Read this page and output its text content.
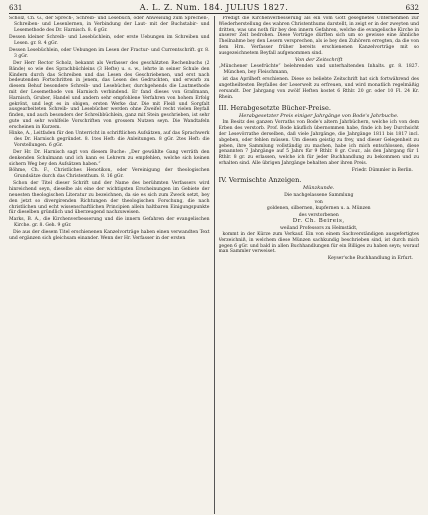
631	A. L. Z. Num. 184. JULIUS 1827.	632

Scholz, Ch. G., der Sprech-, Schreib- und Lesebuch, oder Anweisung zum Sprechen-, Schreiben- und Lesenlernen, in Verbindung der Laut- mit der Buchstabir- und Lesemethode des Dr. Harnisch. 8. 6 gGr.

Dessen kleiner Schreib- und Lesebüchlein, oder erste Uebungen im Schreiben und Lesen. gr. 8. 4 gGr.

Dessen Lesebüchlein, oder Uebungen im Lesen der Fractur- und Currentschrift. gr. 8. 3 gGr.

Der Herr Rector Scholz, bekannt als Verfasser des geschätzten Rechenbuchs (2 Bände) so wie des Sprachbüchleins (3 Hefte) u. s. w., lehrte in seiner Schule den Kindern durch das Schreiben und das Lesen des Geschriebenen, und erst nach bedeutenden Fortschritten in jenem, das Lesen des Gedruckten, und erwarb zu diesem Behuf besondere Schreib- und Lesebücher, durchgehends die Lautmethode mit der Lesemethode von Harnisch verbindend. Er fand dieses von Graßmann, Harnisch, Gruber, Handel und andern sehr empfohlene Verfahren von hohem Erfolg gekrönt, und legt es in obigen, ersten Werke dar. Die mit Fleiß und Sorgfalt ausgearbeiteten Schreib- und Lesebücher werden ohne Zweifel recht vielen Beyfall finden, und auch besonders der Schreibbüchlein, ganz mit Stein geschrieben, ist sehr gute und sehr wohlfeile Vorschriften von grossem Nutzen seyn. Die Wandtafeln erscheinen in Kurzem.

Hinke, A., Leitfaden für den Unterricht in schriftlichen Aufsätzen, auf das Sprachwerk des Dr. Harnisch gegründet. 8. 1tes Heft: die Anleitungen. 8 gGr. 2tes Heft: die Vorstellungen. 6 gGr.

Der Hr. Dr. Harnisch sagt von diesem Buche: „Der gewählte Gang verräth den denkenden Schulmann und ich kann es Lehrern zu empfehlen, welche sich keinen sichern Weg bey den Aufsätzen haben.“

Böhme, Ch. F., Christliches Henotikon, oder Vereinigung der theologischen Grundsätze durch das Christenthum. 8. 16 gGr.

Schon der Titel dieser Schrift und der Name des berühmten Verfassers wird hinreichend seyn, dieselbe als eine der wichtigsten Erscheinungen im Gebiete der neuesten theologischen Literatur zu bezeichnen, da sie es sich zum Zweck setzt, bey den jetzt so divergirenden Richtungen der theologischen Forschung, die nach christlichen und echt wissenschaftlichen Principien allein haltbaren Einigungspunkte für dieselben gründlich und überzeugend nachzuweisen.

Marks, B. A., die Kirchenverbesserung und die innern Gefahren der evangelischen Kirche. gr. 8. Geh. 9 gGr.

Die aus der diesem Titel erschienenen Kanzelvorträge haben einen verwandten Text und ergänzen sich gleichsam einander. Wenn der Hr. Verfasser in der ersten

Predigt die Kirchenverbesserung als ein vom Gott gesegnetes Unternehmen zur Wiederherstellung des wahren Christenthums darstellt, in zeigt er in der zweyten und dritten, was uns noth für bey den innern Gefahren, welche die evangelische Kirche in unserer Zeit bedrohen. Diese Vorträge dürften sich um so gewisse eine ähnliche Theilnahme bey den Lesern versprechen, als ie bey den Zuhörern erregten, da die von dem Hrn. Verfasser früher bereits erschienenen Kanzelvorträge mit so ausgezeichnetem Beyfall aufgenommen sind.

Von der Zeitschrift

„Münchener Lesefrüchte“ belehrenden und unterhaltenden Inhalts. gr. 8. 1827. München, bey Fleischmann,

ist das Aprilheft erschienen. Diese so beliebte Zeitschrift hat sich fortwährend des ungetheiltesten Beyfalles der Leserwelt zu erfreuen, und wird monatlich regelmäßig versandt. Der Jahrgang von zwölf Heften kostet 6 Rthlr. 20 gr. oder 10 Fl. 24 Kr. Rhein.

III. Herabgesetzte Bücher-Preise.

Herabgesetzter Preis einiger Jahrgänge von Bode's Jahrbuche.

Im Besitz des ganzen Vorraths von Bode's altern Jahrbüchern, welche ich von dem Erben des verstorb. Prof. Bode käuflich übernommen habe, finde ich bey Durchsicht der Lesevörrathe derselben, daß viele Jahrgänge, die Jahrgänge 1811 bis 1817 incl. abgeben, oder fehlen müssen. Um diesen geistig zu frey, und dieser Gelegenheit zu geben, ihre Sammlung vollständig zu machen, habe ich mich entschlossen, diese genannten 7 Jahrgänge auf 5 Jahrs für 9 Rthlr. 8 gr. Cour., als den Jahrgang für 1 Rthlr. 8 gr. zu erlassen, welche ich für jeder Buchhandlung zu bekommen und zu erhalten sind. Alle übrigen Jahrgänge behalten aber ihren Preis.

Friedr. Dümmler in Berlin.

IV. Vermischte Anzeigen.

Münzkunde.

Die nachgelassene Sammlung

von

goldenen, silbernen, kupfernen u. a. Münzen

des verstorbenen

Dr. Ch. Beireis,

weiland Professors zu Helmstädt,

kommt in der Kürze zum Verkauf. Ein von einem Sachverständigen ausgefertigtes Verzeichniß, in welchem diese Münzen sachkundig beschrieben sind, ist durch mich gegen 6 gGr. und bald in allen Buchhandlungen für ein Billiges zu haben seyn; worauf man Sammler verweiset.

Keyser'sche Buchhandlung in Erfurt.
